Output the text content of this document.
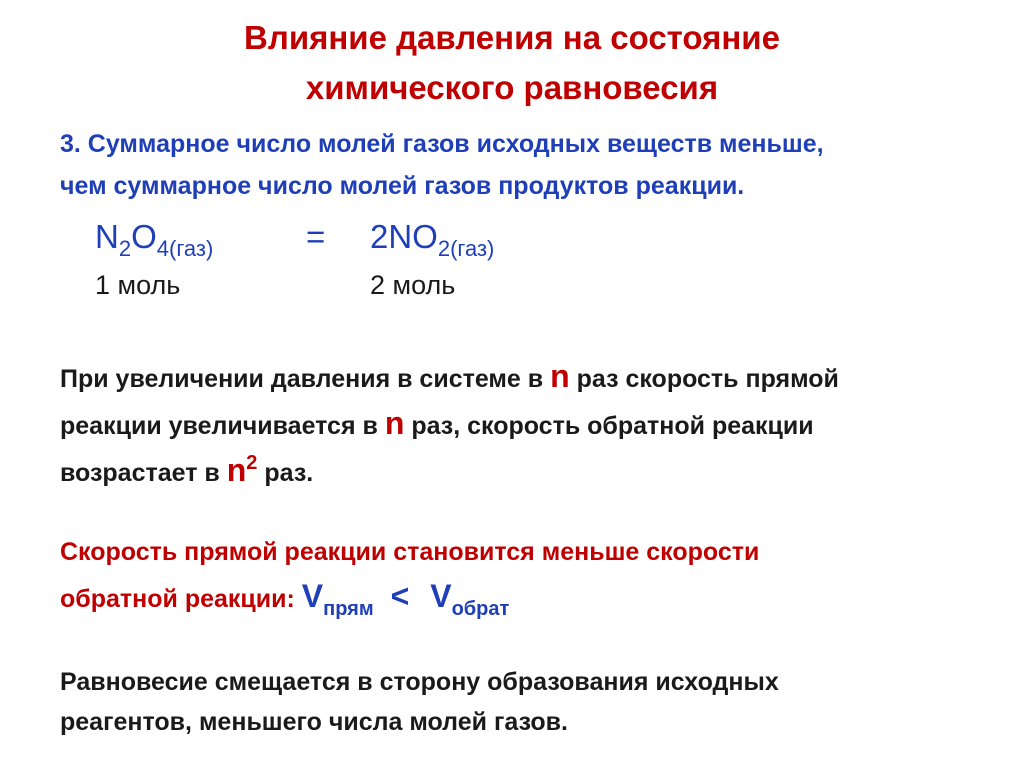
Влияние давления на состояние
химического равновесия
3. Суммарное число молей газов исходных веществ меньше,
чем суммарное число молей газов продуктов реакции.
$N_2O_{4(газ)}$	= $2NO_{2(газ)}$
1 моль	2 моль
При увеличении давления в системе в n раз скорость прямой
реакции увеличивается в n раз, скорость обратной реакции
возрастает в $n^2$ раз.
Скорость прямой реакции становится меньше скорости
обратной реакции: $V_{прям} < V_{обрат}$
Равновесие смещается в сторону образования исходных
реагентов, меньшего числа молей газов.
